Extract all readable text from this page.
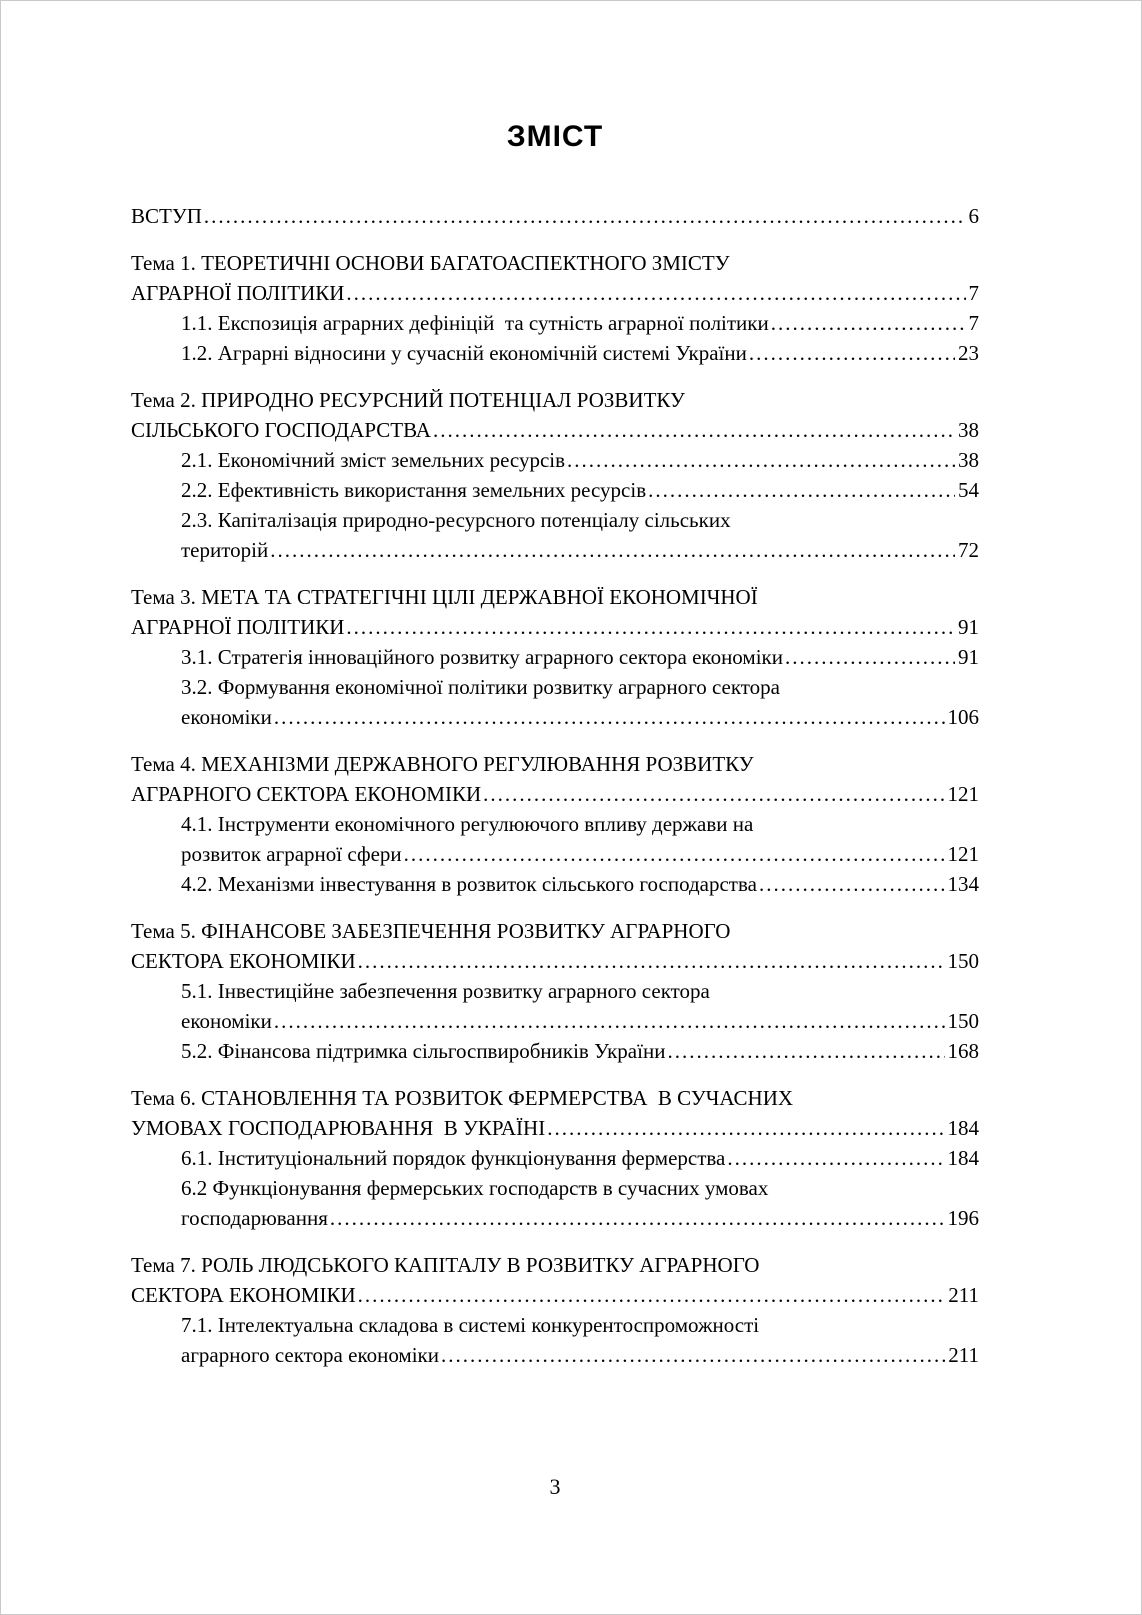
ЗМІСТ
ВСТУП .....	6
Тема 1. ТЕОРЕТИЧНІ ОСНОВИ БАГАТОАСПЕКТНОГО ЗМІСТУ
АГРАРНОЇ ПОЛІТИКИ .....	7
1.1. Експозиція аграрних дефініцій  та сутність аграрної політики .....	7
1.2. Аграрні відносини у сучасній економічній системі України .....	23
Тема 2. ПРИРОДНО РЕСУРСНИЙ ПОТЕНЦІАЛ РОЗВИТКУ
СІЛЬСЬКОГО ГОСПОДАРСТВА .....	38
2.1. Економічний зміст земельних ресурсів .....	38
2.2. Ефективність використання земельних ресурсів .....	54
2.3. Капіталізація природно-ресурсного потенціалу сільських
територій .....	72
Тема 3. МЕТА ТА СТРАТЕГІЧНІ ЦІЛІ ДЕРЖАВНОЇ ЕКОНОМІЧНОЇ
АГРАРНОЇ ПОЛІТИКИ .....	91
3.1. Стратегія інноваційного розвитку аграрного сектора економіки .....	91
3.2. Формування економічної політики розвитку аграрного сектора
економіки .....	106
Тема 4. МЕХАНІЗМИ ДЕРЖАВНОГО РЕГУЛЮВАННЯ РОЗВИТКУ
АГРАРНОГО СЕКТОРА ЕКОНОМІКИ .....	121
4.1. Інструменти економічного регулюючого впливу держави на
розвиток аграрної сфери .....	121
4.2. Механізми інвестування в розвиток сільського господарства .....	134
Тема 5. ФІНАНСОВЕ ЗАБЕЗПЕЧЕННЯ РОЗВИТКУ АГРАРНОГО
СЕКТОРА ЕКОНОМІКИ .....	150
5.1. Інвестиційне забезпечення розвитку аграрного сектора
економіки .....	150
5.2. Фінансова підтримка сільгоспвиробників України .....	168
Тема 6. СТАНОВЛЕННЯ ТА РОЗВИТОК ФЕРМЕРСТВА  В СУЧАСНИХ
УМОВАХ ГОСПОДАРЮВАННЯ  В УКРАЇНІ .....	184
6.1. Інституціональний порядок функціонування фермерства .....	184
6.2 Функціонування фермерських господарств в сучасних умовах
господарювання .....	196
Тема 7. РОЛЬ ЛЮДСЬКОГО КАПІТАЛУ В РОЗВИТКУ АГРАРНОГО
СЕКТОРА ЕКОНОМІКИ .....	211
7.1. Інтелектуальна складова в системі конкурентоспроможності
аграрного сектора економіки .....	211
3
